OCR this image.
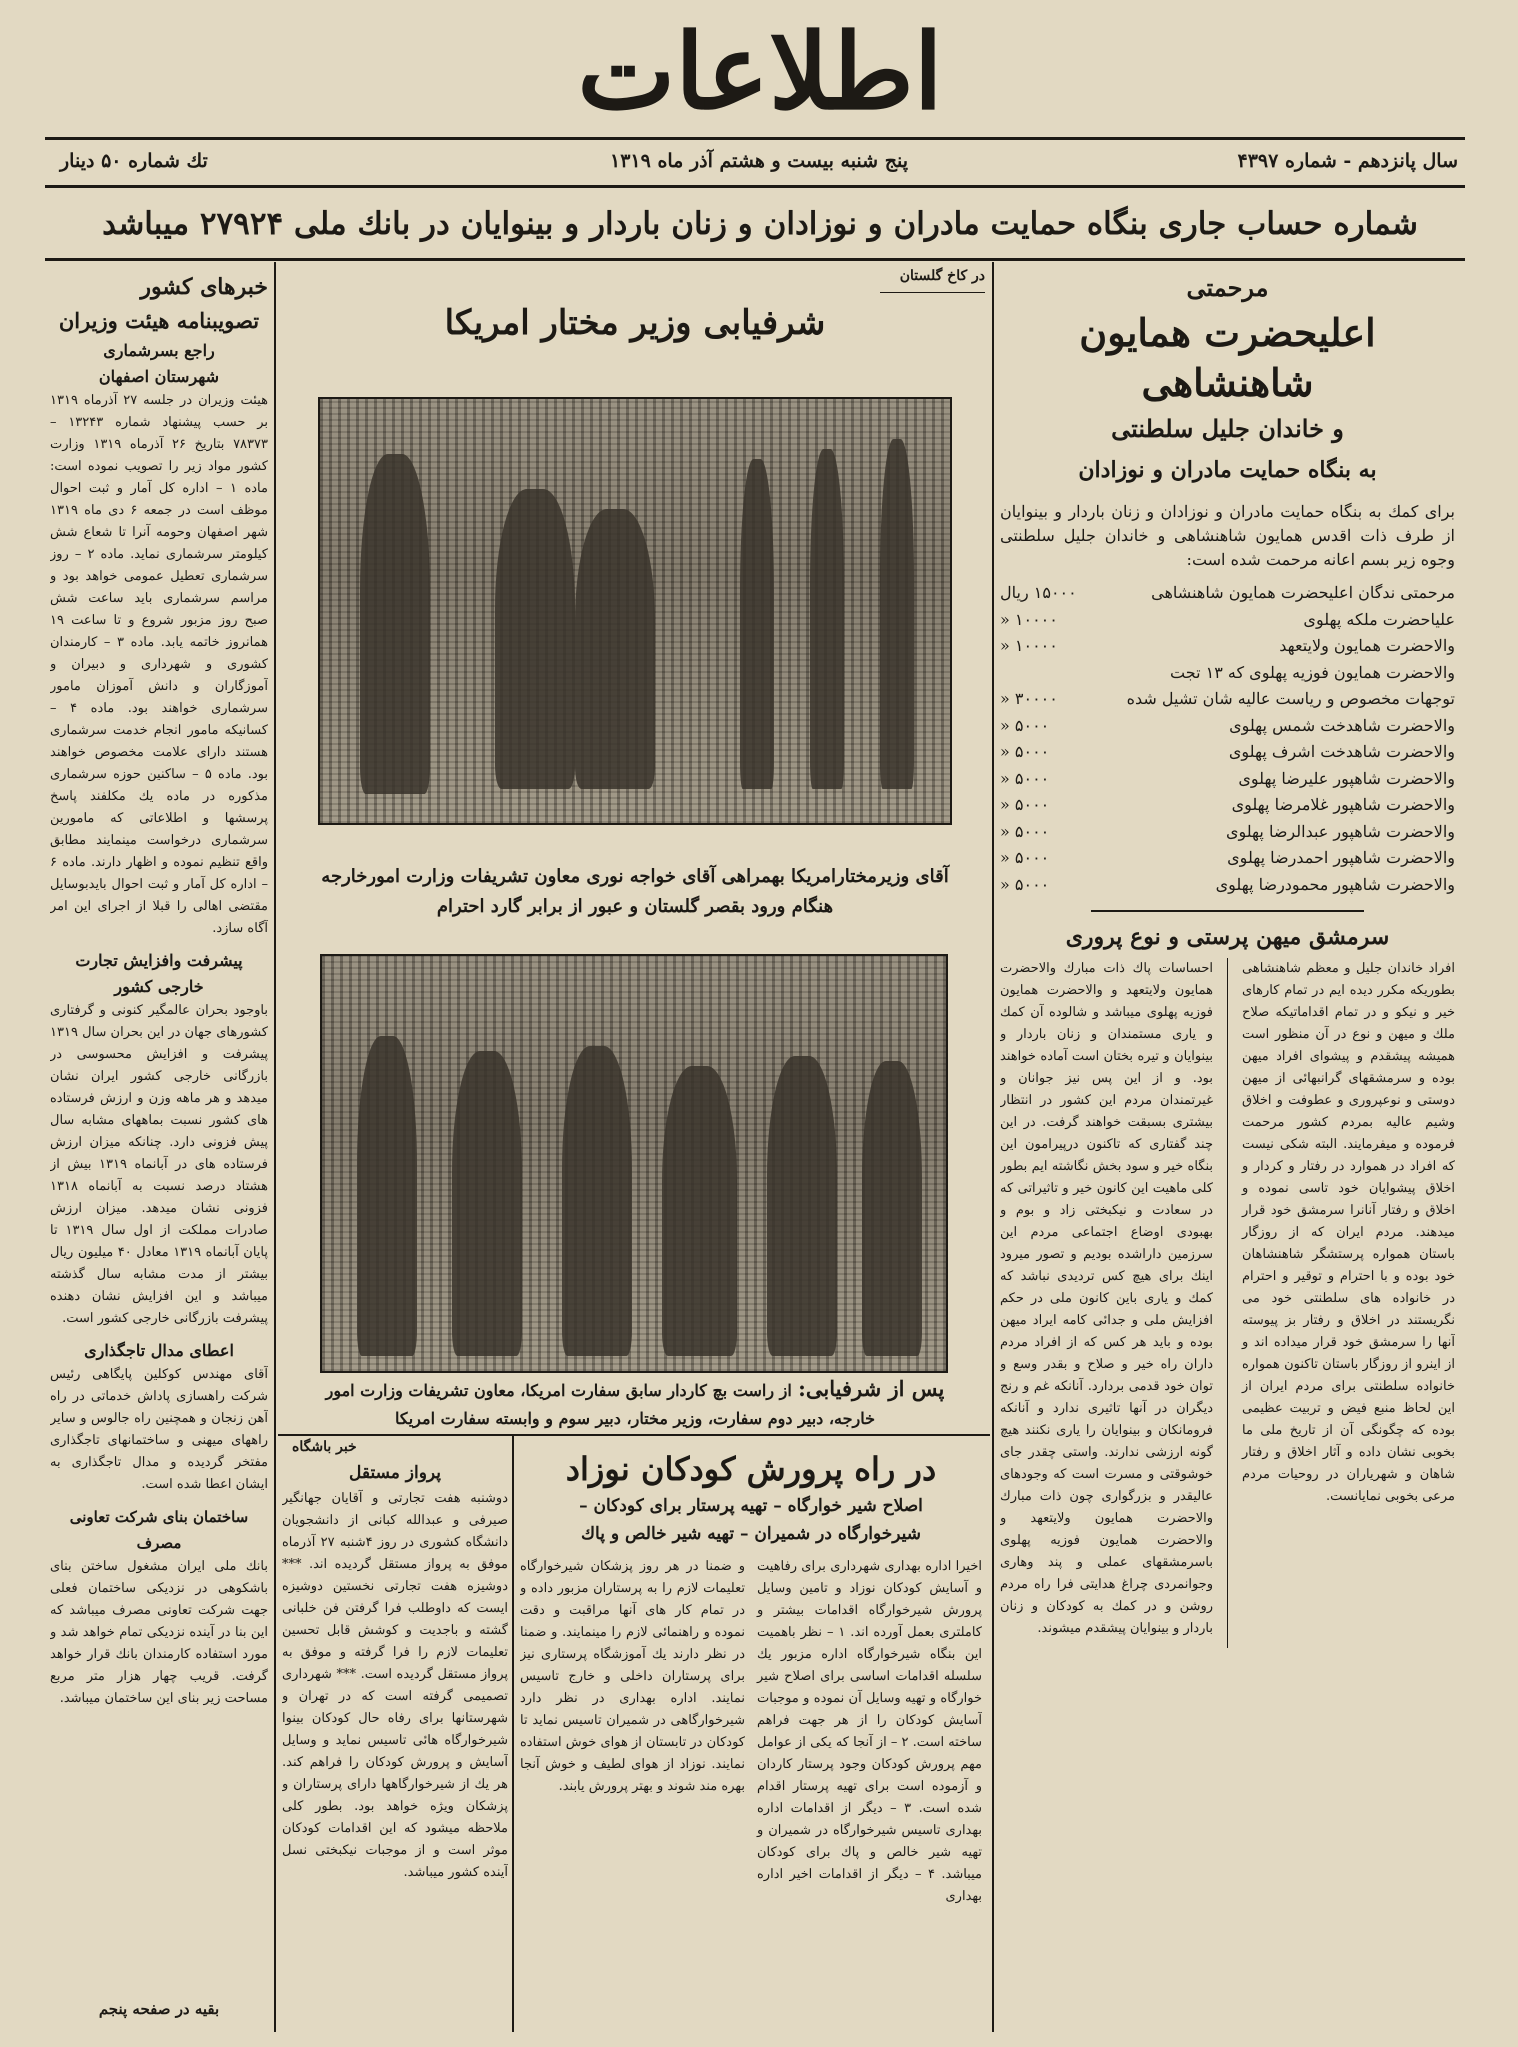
اطلاعات
سال پانزدهم - شماره ۴۳۹۷
پنج شنبه بیست و هشتم آذر ماه ۱۳۱۹
تك شماره ۵۰ دینار
شماره حساب جاری بنگاه حمایت مادران و نوزادان و زنان باردار و بینوایان در بانك ملی ۲۷۹۲۴ میباشد
مرحمتی
اعلیحضرت همایون شاهنشاهی
و خاندان جلیل سلطنتی
به بنگاه حمایت مادران و نوزادان

برای کمك به بنگاه حمایت مادران و نوزادان و زنان باردار و بینوایان از طرف ذات اقدس همایون شاهنشاهی و خاندان جلیل سلطنتی وجوه زیر بسم اعانه مرحمت شده است:

مرحمتی ندگان اعلیحضرت همایون شاهنشاهی
۱۵۰۰۰ ریال
علیاحضرت ملکه پهلوی
۱۰۰۰۰ «
والاحضرت همایون ولایتعهد
۱۰۰۰۰ «
والاحضرت همایون فوزیه پهلوی که ۱۳ تجت
توجهات مخصوص و ریاست عالیه شان تشیل شده
۳۰۰۰۰ «
والاحضرت شاهدخت شمس پهلوی
۵۰۰۰ «
والاحضرت شاهدخت اشرف پهلوی
۵۰۰۰ «
والاحضرت شاهپور علیرضا پهلوی
۵۰۰۰ «
والاحضرت شاهپور غلامرضا پهلوی
۵۰۰۰ «
والاحضرت شاهپور عبدالرضا پهلوی
۵۰۰۰ «
والاحضرت شاهپور احمدرضا پهلوی
۵۰۰۰ «
والاحضرت شاهپور محمودرضا پهلوی
۵۰۰۰ «
سرمشق میهن پرستی و نوع پروری

افراد خاندان جلیل و معظم شاهنشاهی بطوریکه مکرر دیده ایم در تمام کارهای خیر و نیکو و در تمام اقداماتیکه صلاح ملك و میهن و نوع در آن منظور است همیشه پیشقدم و پیشوای افراد میهن بوده و سرمشقهای گرانبهائی از میهن دوستی و نوعپروری و عطوفت و اخلاق وشیم عالیه بمردم کشور مرحمت فرموده و میفرمایند. البته شکی نیست که افراد در هموارد در رفتار و کردار و اخلاق پیشوایان خود تاسی نموده و اخلاق و رفتار آنانرا سرمشق خود قرار میدهند. مردم ایران که از روزگار باستان همواره پرستشگر شاهنشاهان خود بوده و با احترام و توقیر و احترام در خانواده های سلطنتی خود می نگریستند در اخلاق و رفتار بز پیوسته آنها را سرمشق خود قرار میداده اند و از اینرو از روزگار باستان تاکنون همواره خانواده سلطنتی برای مردم ایران از این لحاظ منبع فیض و تربیت عظیمی بوده که چگونگی آن از تاریخ ملی ما بخوبی نشان داده و آثار اخلاق و رفتار شاهان و شهریاران در روحیات مردم مرعی بخوبی نمایانست.

احساسات پاك ذات مبارك والاحضرت همایون ولایتعهد و والاحضرت همایون فوزیه پهلوی میباشد و شالوده آن کمك و یاری مستمندان و زنان باردار و بینوایان و تیره بختان است آماده خواهند بود. و از این پس نیز جوانان و غیرتمندان مردم این کشور در انتظار بیشتری بسبقت خواهند گرفت. در این چند گفتاری که تاکنون درپیرامون این بنگاه خیر و سود بخش نگاشته ایم بطور کلی ماهیت این کانون خیر و تاثیراتی که در سعادت و نیکبختی زاد و بوم و بهبودی اوضاع اجتماعی مردم این سرزمین داراشده بودیم و تصور میرود اینك برای هیچ کس تردیدی نباشد که کمك و یاری باین کانون ملی در حکم افزایش ملی و جدائی کامه ایراد میهن بوده و باید هر کس که از افراد مردم داران راه خیر و صلاح و بقدر وسع و توان خود قدمی بردارد. آنانکه غم و رنج دیگران در آنها تاثیری ندارد و آنانکه فرومانکان و بینوایان را یاری نکنند هیچ گونه ارزشی ندارند. واستی چقدر جای خوشوقتی و مسرت است که وجودهای عالیقدر و بزرگواری چون ذات مبارك والاحضرت همایون ولایتعهد و والاحضرت همایون فوزیه پهلوی باسرمشقهای عملی و پند وهاری وجوانمردی چراغ هدایتی فرا راه مردم روشن و در کمك به کودکان و زنان باردار و بینوایان پیشقدم میشوند.

در کاخ گلستان
شرفیابی وزیر مختار امریکا
آقای وزیرمختارامریکا بهمراهی آقای خواجه نوری معاون تشریفات وزارت امورخارجه
هنگام ورود بقصر گلستان و عبور از برابر گارد احترام
پس از شرفیابی: از راست بچ کاردار سابق سفارت امریکا، معاون تشریفات وزارت امور
خارجه، دبیر دوم سفارت، وزیر مختار، دبیر سوم و وابسته سفارت امریکا
در راه پرورش کودکان نوزاد
اصلاح شیر خوارگاه – تهیه پرستار برای کودکان –
شیرخوارگاه در شمیران – تهیه شیر خالص و پاك

اخیرا اداره بهداری شهرداری برای رفاهیت و آسایش کودکان نوزاد و تامین وسایل پرورش شیرخوارگاه اقدامات بیشتر و کاملتری بعمل آورده اند. ۱ – نظر باهمیت این بنگاه شیرخوارگاه اداره مزبور یك سلسله اقدامات اساسی برای اصلاح شیر خوارگاه و تهیه وسایل آن نموده و موجبات آسایش کودکان را از هر جهت فراهم ساخته است. ۲ – از آنجا که یکی از عوامل مهم پرورش کودکان وجود پرستار کاردان و آزموده است برای تهیه پرستار اقدام شده است. ۳ – دیگر از اقدامات اداره بهداری تاسیس شیرخوارگاه در شمیران و تهیه شیر خالص و پاك برای کودکان میباشد. ۴ – دیگر از اقدامات اخیر اداره بهداری

و ضمنا در هر روز پزشکان شیرخوارگاه تعلیمات لازم را به پرستاران مزبور داده و در تمام کار های آنها مراقبت و دقت نموده و راهنمائی لازم را مینمایند. و ضمنا در نظر دارند یك آموزشگاه پرستاری نیز برای پرستاران داخلی و خارج تاسیس نمایند. اداره بهداری در نظر دارد شیرخوارگاهی در شمیران تاسیس نماید تا کودکان در تابستان از هوای خوش استفاده نمایند. نوزاد از هوای لطیف و خوش آنجا بهره مند شوند و بهتر پرورش یابند.

خبر باشگاه
پرواز مستقل

دوشنبه هفت تجارتی و آقایان جهانگیر صیرفی و عبدالله کبانی از دانشجویان دانشگاه کشوری در روز ۴شنبه ۲۷ آذرماه موفق به پرواز مستقل گردیده اند. *** دوشیزه هفت تجارتی نخستین دوشیزه ایست که داوطلب فرا گرفتن فن خلبانی گشته و باجدیت و کوشش قابل تحسین تعلیمات لازم را فرا گرفته و موفق به پرواز مستقل گردیده است. *** شهرداری تصمیمی گرفته است که در تهران و شهرستانها برای رفاه حال کودکان بینوا شیرخوارگاه هائی تاسیس نماید و وسایل آسایش و پرورش کودکان را فراهم کند. هر یك از شیرخوارگاهها دارای پرستاران و پزشکان ویژه خواهد بود. بطور کلی ملاحظه میشود که این اقدامات کودکان موثر است و از موجبات نیکبختی نسل آینده کشور میباشد.

خبرهای کشور
تصویبنامه هیئت وزیران
راجع بسرشماری
شهرستان اصفهان

هیئت وزیران در جلسه ۲۷ آذرماه ۱۳۱۹ بر حسب پیشنهاد شماره ۱۳۲۴۳ – ۷۸۳۷۳ بتاریخ ۲۶ آذرماه ۱۳۱۹ وزارت کشور مواد زیر را تصویب نموده است: ماده ۱ – اداره کل آمار و ثبت احوال موظف است در جمعه ۶ دی ماه ۱۳۱۹ شهر اصفهان وحومه آنرا تا شعاع شش کیلومتر سرشماری نماید. ماده ۲ – روز سرشماری تعطیل عمومی خواهد بود و مراسم سرشماری باید ساعت شش صبح روز مزبور شروع و تا ساعت ۱۹ همانروز خاتمه یابد. ماده ۳ – کارمندان کشوری و شهرداری و دبیران و آموزگاران و دانش آموزان مامور سرشماری خواهند بود. ماده ۴ – کسانیکه مامور انجام خدمت سرشماری هستند دارای علامت مخصوص خواهند بود. ماده ۵ – ساکنین حوزه سرشماری مذکوره در ماده یك مکلفند پاسخ پرسشها و اطلاعاتی که مامورین سرشماری درخواست مینمایند مطابق واقع تنظیم نموده و اظهار دارند. ماده ۶ – اداره کل آمار و ثبت احوال بایدبوسایل مقتضی اهالی را قبلا از اجرای این امر آگاه سازد.

پیشرفت وافزایش تجارت
خارجی کشور

باوجود بحران عالمگیر کنونی و گرفتاری کشورهای جهان در این بحران سال ۱۳۱۹ پیشرفت و افزایش محسوسی در بازرگانی خارجی کشور ایران نشان میدهد و هر ماهه وزن و ارزش فرستاده های کشور نسبت بماههای مشابه سال پیش فزونی دارد. چنانکه میزان ارزش فرستاده های در آبانماه ۱۳۱۹ بیش از هشتاد درصد نسبت به آبانماه ۱۳۱۸ فزونی نشان میدهد. میزان ارزش صادرات مملکت از اول سال ۱۳۱۹ تا پایان آبانماه ۱۳۱۹ معادل ۴۰ میلیون ریال بیشتر از مدت مشابه سال گذشته میباشد و این افزایش نشان دهنده پیشرفت بازرگانی خارجی کشور است.

اعطای مدال تاجگذاری

آقای مهندس کوکلین پایگاهی رئیس شرکت راهسازی پاداش خدماتی در راه آهن زنجان و همچنین راه جالوس و سایر راههای میهنی و ساختمانهای تاجگذاری مفتخر گردیده و مدال تاجگذاری به ایشان اعطا شده است.

ساختمان بنای شرکت تعاونی مصرف

بانك ملی ایران مشغول ساختن بنای باشکوهی در نزدیکی ساختمان فعلی جهت شرکت تعاونی مصرف میباشد که این بنا در آینده نزدیکی تمام خواهد شد و مورد استفاده کارمندان بانك قرار خواهد گرفت. قریب چهار هزار متر مربع مساحت زیر بنای این ساختمان میباشد.

بقیه در صفحه پنجم
